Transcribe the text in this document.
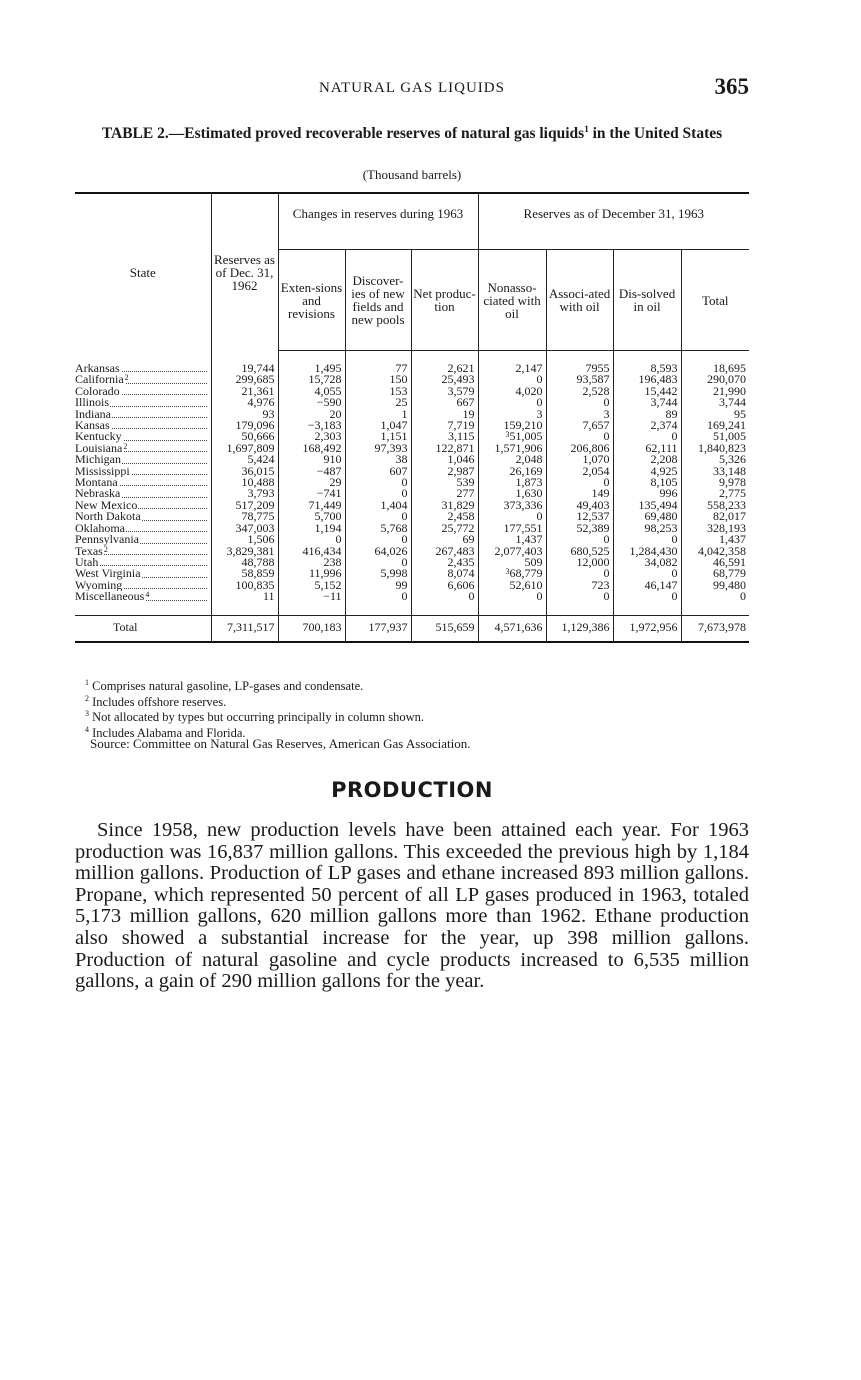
NATURAL GAS LIQUIDS	365
TABLE 2.—Estimated proved recoverable reserves of natural gas liquids$^1$ in the United States
(Thousand barrels)
State	Reserves as of Dec. 31, 1962	Changes in reserves during 1963			Reserves as of December 31, 1963			
		Exten-sions and revisions	Discover-ies of new fields and new pools	Net produc-tion	Nonasso-ciated with oil	Associ-ated with oil	Dis-solved in oil	Total

Arkansas	19,744	1,495	77	2,621	2,147	7955	8,593	18,695
California$^2$	299,685	15,728	150	25,493	0	93,587	196,483	290,070
Colorado	21,361	4,055	153	3,579	4,020	2,528	15,442	21,990
Illinois	4,976	−590	25	667	0	0	3,744	3,744
Indiana	93	20	1	19	3	3	89	95
Kansas	179,096	−3,183	1,047	7,719	159,210	7,657	2,374	169,241
Kentucky	50,666	2,303	1,151	3,115	$^3$51,005	0	0	51,005
Louisiana$^2$	1,697,809	168,492	97,393	122,871	1,571,906	206,806	62,111	1,840,823
Michigan	5,424	910	38	1,046	2,048	1,070	2,208	5,326
Mississippi	36,015	−487	607	2,987	26,169	2,054	4,925	33,148
Montana	10,488	29	0	539	1,873	0	8,105	9,978
Nebraska	3,793	−741	0	277	1,630	149	996	2,775
New Mexico	517,209	71,449	1,404	31,829	373,336	49,403	135,494	558,233
North Dakota	78,775	5,700	0	2,458	0	12,537	69,480	82,017
Oklahoma	347,003	1,194	5,768	25,772	177,551	52,389	98,253	328,193
Pennsylvania	1,506	0	0	69	1,437	0	0	1,437
Texas$^2$	3,829,381	416,434	64,026	267,483	2,077,403	680,525	1,284,430	4,042,358
Utah	48,788	238	0	2,435	509	12,000	34,082	46,591
West Virginia	58,859	11,996	5,998	8,074	$^3$68,779	0	0	68,779
Wyoming	100,835	5,152	99	6,606	52,610	723	46,147	99,480
Miscellaneous$^4$	11	−11	0	0	0	0	0	0

Total	7,311,517	700,183	177,937	515,659	4,571,636	1,129,386	1,972,956	7,673,978
$^1$ Comprises natural gasoline, LP-gases and condensate.
$^2$ Includes offshore reserves.
$^3$ Not allocated by types but occurring principally in column shown.
$^4$ Includes Alabama and Florida.
Source: Committee on Natural Gas Reserves, American Gas Association.
PRODUCTION

Since 1958, new production levels have been attained each year. For 1963 production was 16,837 million gallons. This exceeded the previous high by 1,184 million gallons. Production of LP gases and ethane increased 893 million gallons. Propane, which represented 50 percent of all LP gases produced in 1963, totaled 5,173 million gallons, 620 million gallons more than 1962. Ethane production also showed a substantial increase for the year, up 398 million gallons. Production of natural gasoline and cycle products increased to 6,535 million gallons, a gain of 290 million gallons for the year.
